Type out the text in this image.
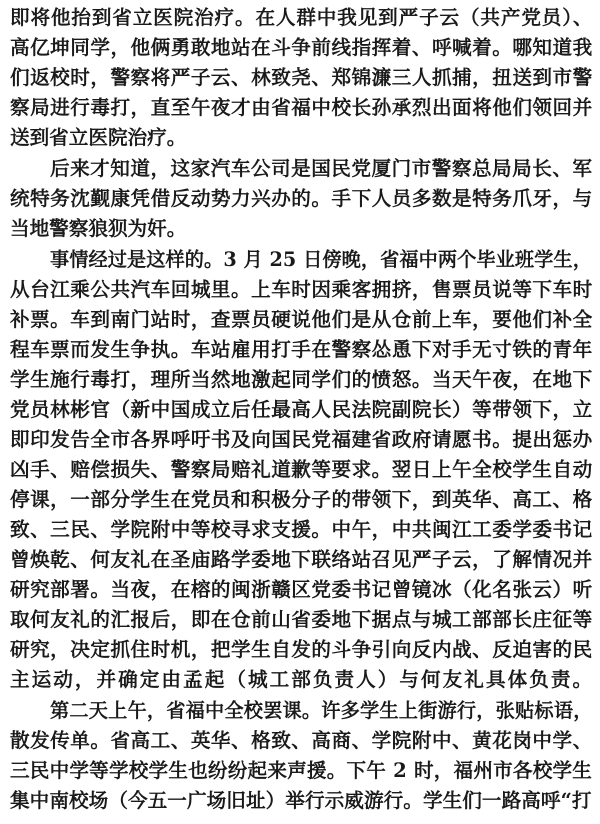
即将他抬到省立医院治疗。在人群中我见到严子云（共产党员）、
高亿坤同学，他俩勇敢地站在斗争前线指挥着、呼喊着。哪知道我
们返校时，警察将严子云、林致尧、郑锦濂三人抓捕，扭送到市警
察局进行毒打，直至午夜才由省福中校长孙承烈出面将他们领回并
送到省立医院治疗。
后来才知道，这家汽车公司是国民党厦门市警察总局局长、军
统特务沈觐康凭借反动势力兴办的。手下人员多数是特务爪牙，与
当地警察狼狈为奸。
事情经过是这样的。3 月 25 日傍晚，省福中两个毕业班学生，
从台江乘公共汽车回城里。上车时因乘客拥挤，售票员说等下车时
补票。车到南门站时，查票员硬说他们是从仓前上车，要他们补全
程车票而发生争执。车站雇用打手在警察怂恿下对手无寸铁的青年
学生施行毒打，理所当然地激起同学们的愤怒。当天午夜，在地下
党员林彬官（新中国成立后任最高人民法院副院长）等带领下，立
即印发告全市各界呼吁书及向国民党福建省政府请愿书。提出惩办
凶手、赔偿损失、警察局赔礼道歉等要求。翌日上午全校学生自动
停课，一部分学生在党员和积极分子的带领下，到英华、高工、格
致、三民、学院附中等校寻求支援。中午，中共闽江工委学委书记
曾焕乾、何友礼在圣庙路学委地下联络站召见严子云，了解情况并
研究部署。当夜，在榕的闽浙赣区党委书记曾镜冰（化名张云）听
取何友礼的汇报后，即在仓前山省委地下据点与城工部部长庄征等
研究，决定抓住时机，把学生自发的斗争引向反内战、反迫害的民
主运动，并确定由孟起（城工部负责人）与何友礼具体负责。
第二天上午，省福中全校罢课。许多学生上街游行，张贴标语，
散发传单。省高工、英华、格致、高商、学院附中、黄花岗中学、
三民中学等学校学生也纷纷起来声援。下午 2 时，福州市各校学生
集中南校场（今五一广场旧址）举行示威游行。学生们一路高呼“打
